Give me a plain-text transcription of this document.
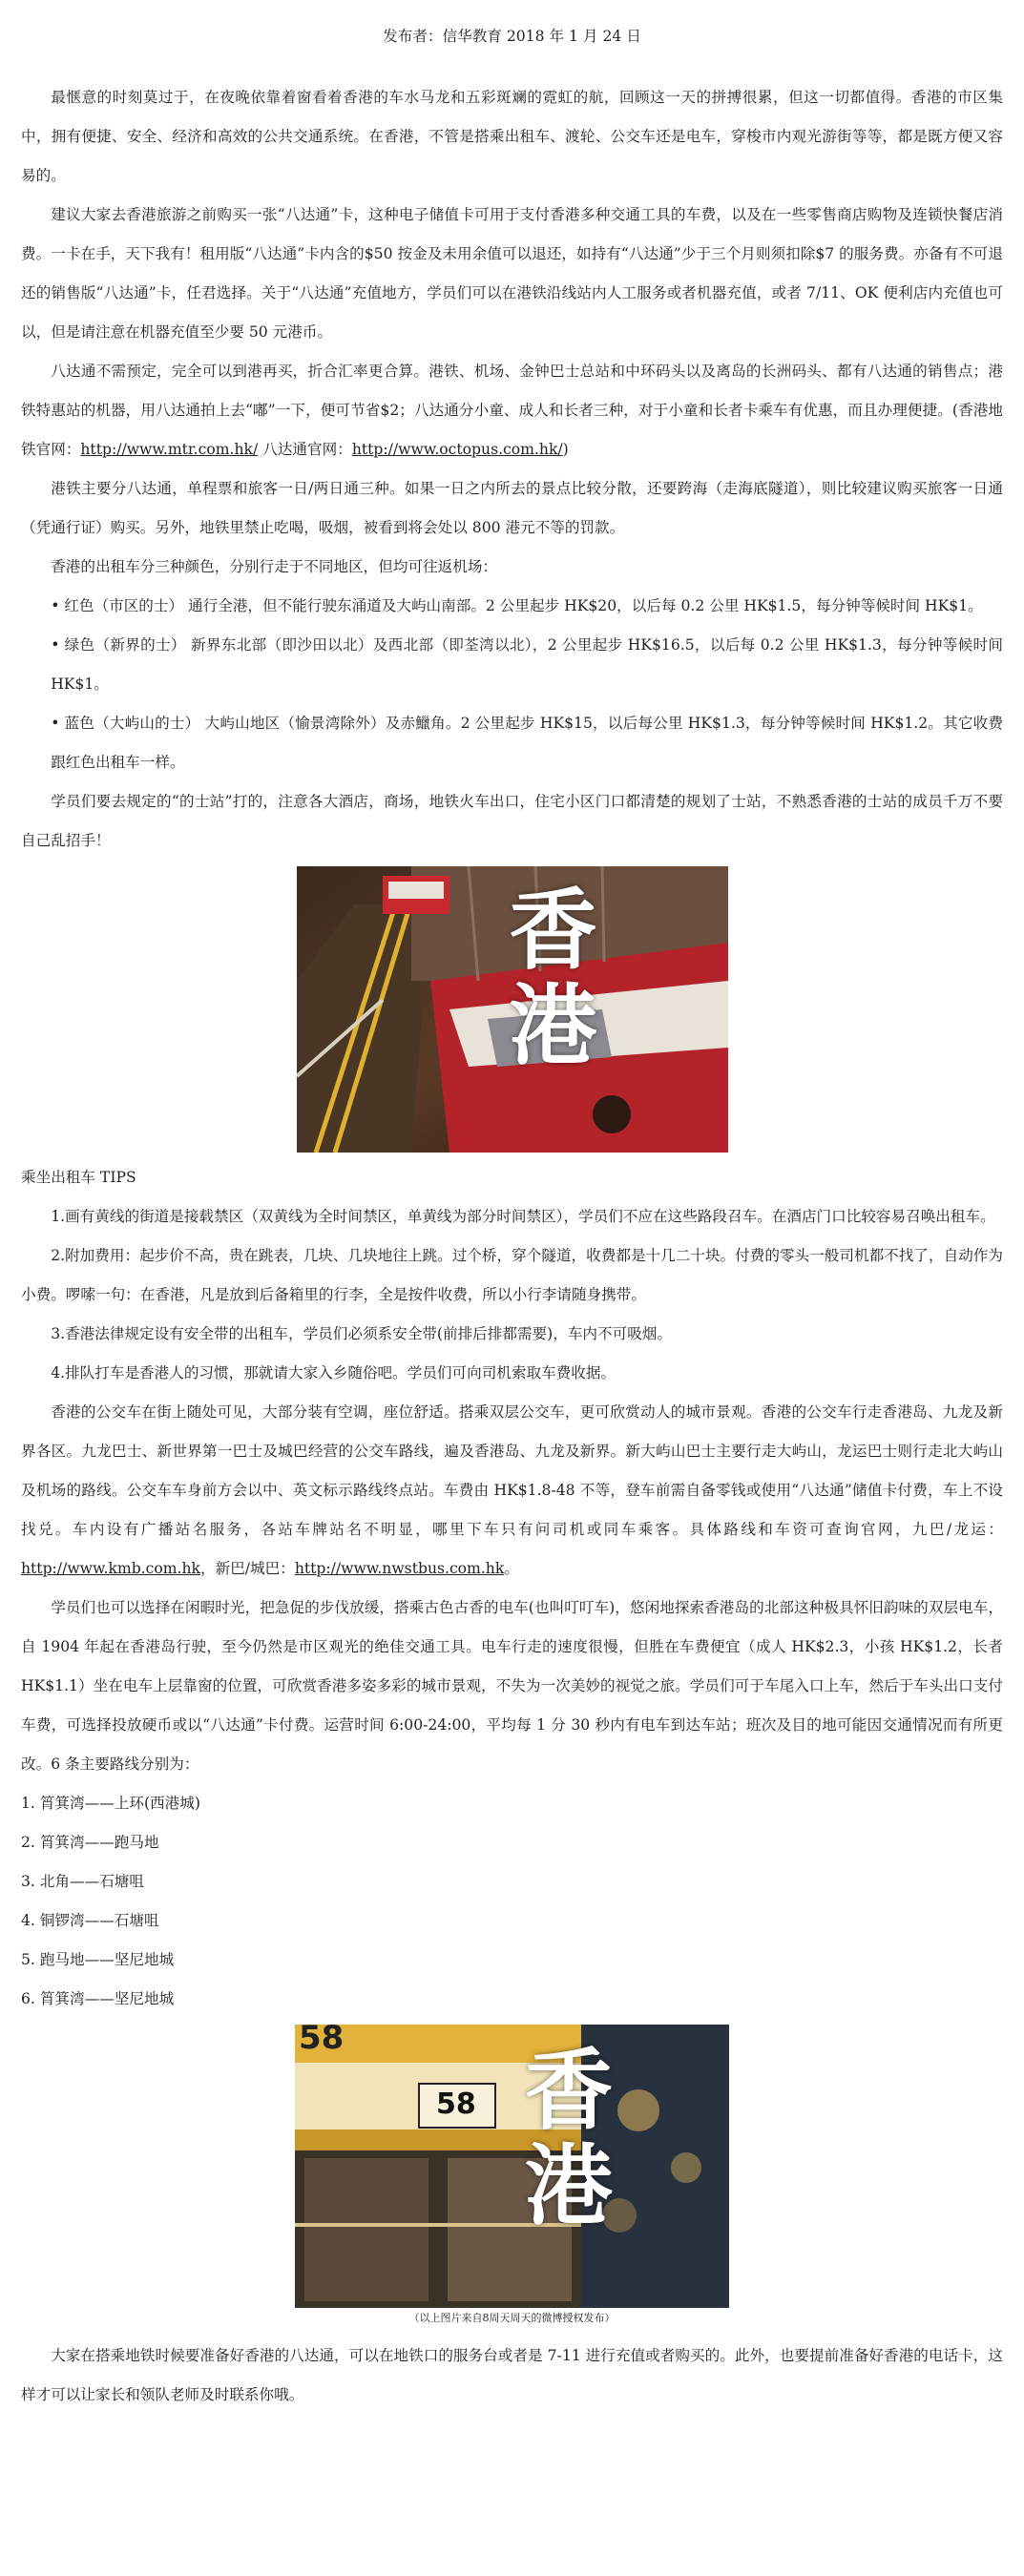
发布者：信华教育 2018 年 1 月 24 日

最惬意的时刻莫过于，在夜晚依靠着窗看着香港的车水马龙和五彩斑斓的霓虹的航，回顾这一天的拼搏很累，但这一切都值得。香港的市区集中，拥有便捷、安全、经济和高效的公共交通系统。在香港，不管是搭乘出租车、渡轮、公交车还是电车，穿梭市内观光游街等等，都是既方便又容易的。

建议大家去香港旅游之前购买一张“八达通”卡，这种电子储值卡可用于支付香港多种交通工具的车费，以及在一些零售商店购物及连锁快餐店消费。一卡在手，天下我有！租用版“八达通”卡内含的$50 按金及未用余值可以退还，如持有“八达通”少于三个月则须扣除$7 的服务费。亦备有不可退还的销售版“八达通”卡，任君选择。关于“八达通”充值地方，学员们可以在港铁沿线站内人工服务或者机器充值，或者 7/11、OK 便利店内充值也可以，但是请注意在机器充值至少要 50 元港币。

八达通不需预定，完全可以到港再买，折合汇率更合算。港铁、机场、金钟巴士总站和中环码头以及离岛的长洲码头、都有八达通的销售点；港铁特惠站的机器，用八达通拍上去“嘟”一下，便可节省$2；八达通分小童、成人和长者三种，对于小童和长者卡乘车有优惠，而且办理便捷。(香港地铁官网：http://www.mtr.com.hk/ 八达通官网：http://www.octopus.com.hk/)

港铁主要分八达通，单程票和旅客一日/两日通三种。如果一日之内所去的景点比较分散，还要跨海（走海底隧道），则比较建议购买旅客一日通（凭通行证）购买。另外，地铁里禁止吃喝，吸烟，被看到将会处以 800 港元不等的罚款。

香港的出租车分三种颜色，分别行走于不同地区，但均可往返机场：

• 红色（市区的士） 通行全港，但不能行驶东涌道及大屿山南部。2 公里起步 HK$20，以后每 0.2 公里 HK$1.5，每分钟等候时间 HK$1。

• 绿色（新界的士） 新界东北部（即沙田以北）及西北部（即荃湾以北），2 公里起步 HK$16.5，以后每 0.2 公里 HK$1.3，每分钟等候时间 HK$1。

• 蓝色（大屿山的士） 大屿山地区（愉景湾除外）及赤鱲角。2 公里起步 HK$15，以后每公里 HK$1.3，每分钟等候时间 HK$1.2。其它收费跟红色出租车一样。

学员们要去规定的“的士站”打的，注意各大酒店，商场，地铁火车出口，住宅小区门口都清楚的规划了士站，不熟悉香港的士站的成员千万不要自己乱招手！

香港

乘坐出租车 TIPS

1.画有黄线的街道是接载禁区（双黄线为全时间禁区，单黄线为部分时间禁区），学员们不应在这些路段召车。在酒店门口比较容易召唤出租车。

2.附加费用：起步价不高，贵在跳表，几块、几块地往上跳。过个桥，穿个隧道，收费都是十几二十块。付费的零头一般司机都不找了，自动作为小费。啰嗦一句：在香港，凡是放到后备箱里的行李，全是按件收费，所以小行李请随身携带。

3.香港法律规定设有安全带的出租车，学员们必须系安全带(前排后排都需要)，车内不可吸烟。

4.排队打车是香港人的习惯，那就请大家入乡随俗吧。学员们可向司机索取车费收据。

香港的公交车在街上随处可见，大部分装有空调，座位舒适。搭乘双层公交车，更可欣赏动人的城市景观。香港的公交车行走香港岛、九龙及新界各区。九龙巴士、新世界第一巴士及城巴经营的公交车路线，遍及香港岛、九龙及新界。新大屿山巴士主要行走大屿山，龙运巴士则行走北大屿山及机场的路线。公交车车身前方会以中、英文标示路线终点站。车费由 HK$1.8-48 不等，登车前需自备零钱或使用“八达通”储值卡付费，车上不设找兑。车内设有广播站名服务，各站车牌站名不明显，哪里下车只有问司机或同车乘客。具体路线和车资可查询官网，九巴/龙运：http://www.kmb.com.hk，新巴/城巴：http://www.nwstbus.com.hk。

学员们也可以选择在闲暇时光，把急促的步伐放缓，搭乘古色古香的电车(也叫叮叮车)，悠闲地探索香港岛的北部这种极具怀旧韵味的双层电车，自 1904 年起在香港岛行驶，至今仍然是市区观光的绝佳交通工具。电车行走的速度很慢，但胜在车费便宜（成人 HK$2.3，小孩 HK$1.2，长者 HK$1.1）坐在电车上层靠窗的位置，可欣赏香港多姿多彩的城市景观，不失为一次美妙的视觉之旅。学员们可于车尾入口上车，然后于车头出口支付车费，可选择投放硬币或以“八达通”卡付费。运营时间 6:00-24:00，平均每 1 分 30 秒内有电车到达车站；班次及目的地可能因交通情况而有所更改。6 条主要路线分别为：

1. 筲箕湾——上环(西港城)

2. 筲箕湾——跑马地

3. 北角——石塘咀

4. 铜锣湾——石塘咀

5. 跑马地——坚尼地城

6. 筲箕湾——坚尼地城

58
58 香港
（以上图片来自8周天周天的微博授权发布）

大家在搭乘地铁时候要准备好香港的八达通，可以在地铁口的服务台或者是 7-11 进行充值或者购买的。此外，也要提前准备好香港的电话卡，这样才可以让家长和领队老师及时联系你哦。
